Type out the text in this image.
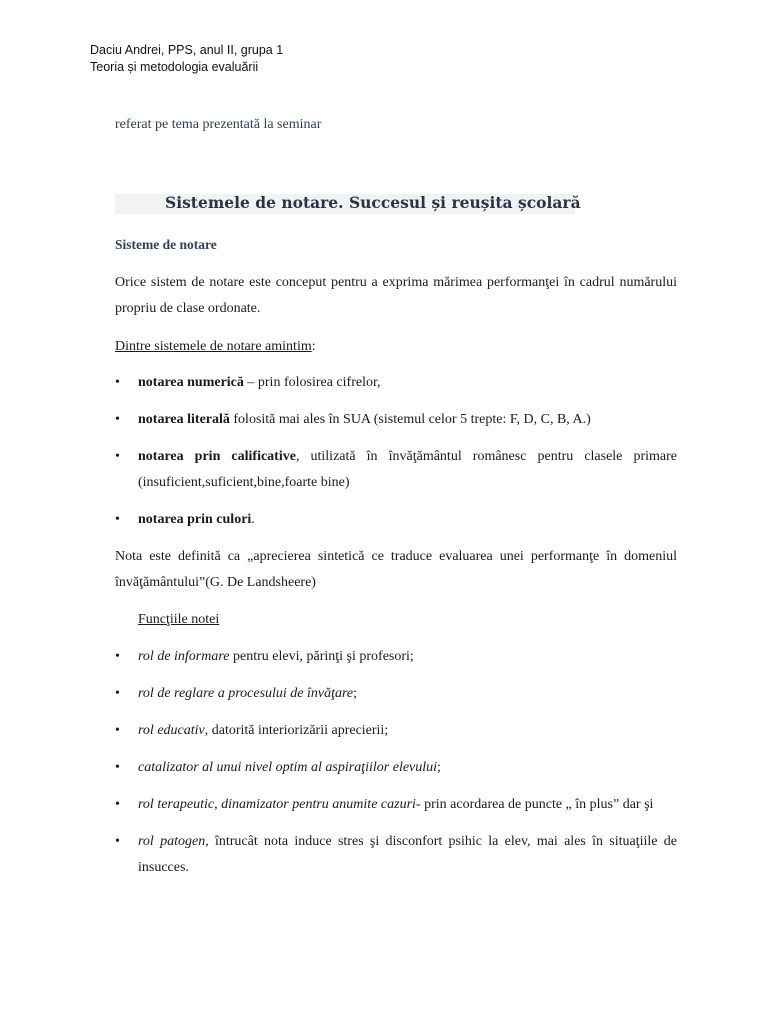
Daciu Andrei, PPS, anul II, grupa 1
Teoria și metodologia evaluării
referat pe tema prezentată la seminar
Sistemele de notare. Succesul și reușita școlară
Sisteme de notare

Orice sistem de notare este conceput pentru a exprima mărimea performanţei în cadrul numărului propriu de clase ordonate.

Dintre sistemele de notare amintim:

• notarea numerică – prin folosirea cifrelor,
• notarea literală folosită mai ales în SUA (sistemul celor 5 trepte: F, D, C, B, A.)
• notarea prin calificative, utilizată în învăţământul românesc pentru clasele primare (insuficient,suficient,bine,foarte bine)
• notarea prin culori.

Nota este definită ca „aprecierea sintetică ce traduce evaluarea unei performanţe în domeniul învăţământului”(G. De Landsheere)

Funcţiile notei

• rol de informare pentru elevi, părinţi şi profesori;
• rol de reglare a procesului de învăţare;
• rol educativ, datorită interiorizării aprecierii;
• catalizator al unui nivel optim al aspiraţiilor elevului;
• rol terapeutic, dinamizator pentru anumite cazuri- prin acordarea de puncte „ în plus” dar şi
• rol patogen, întrucât nota induce stres şi disconfort psihic la elev, mai ales în situaţiile de insucces.
